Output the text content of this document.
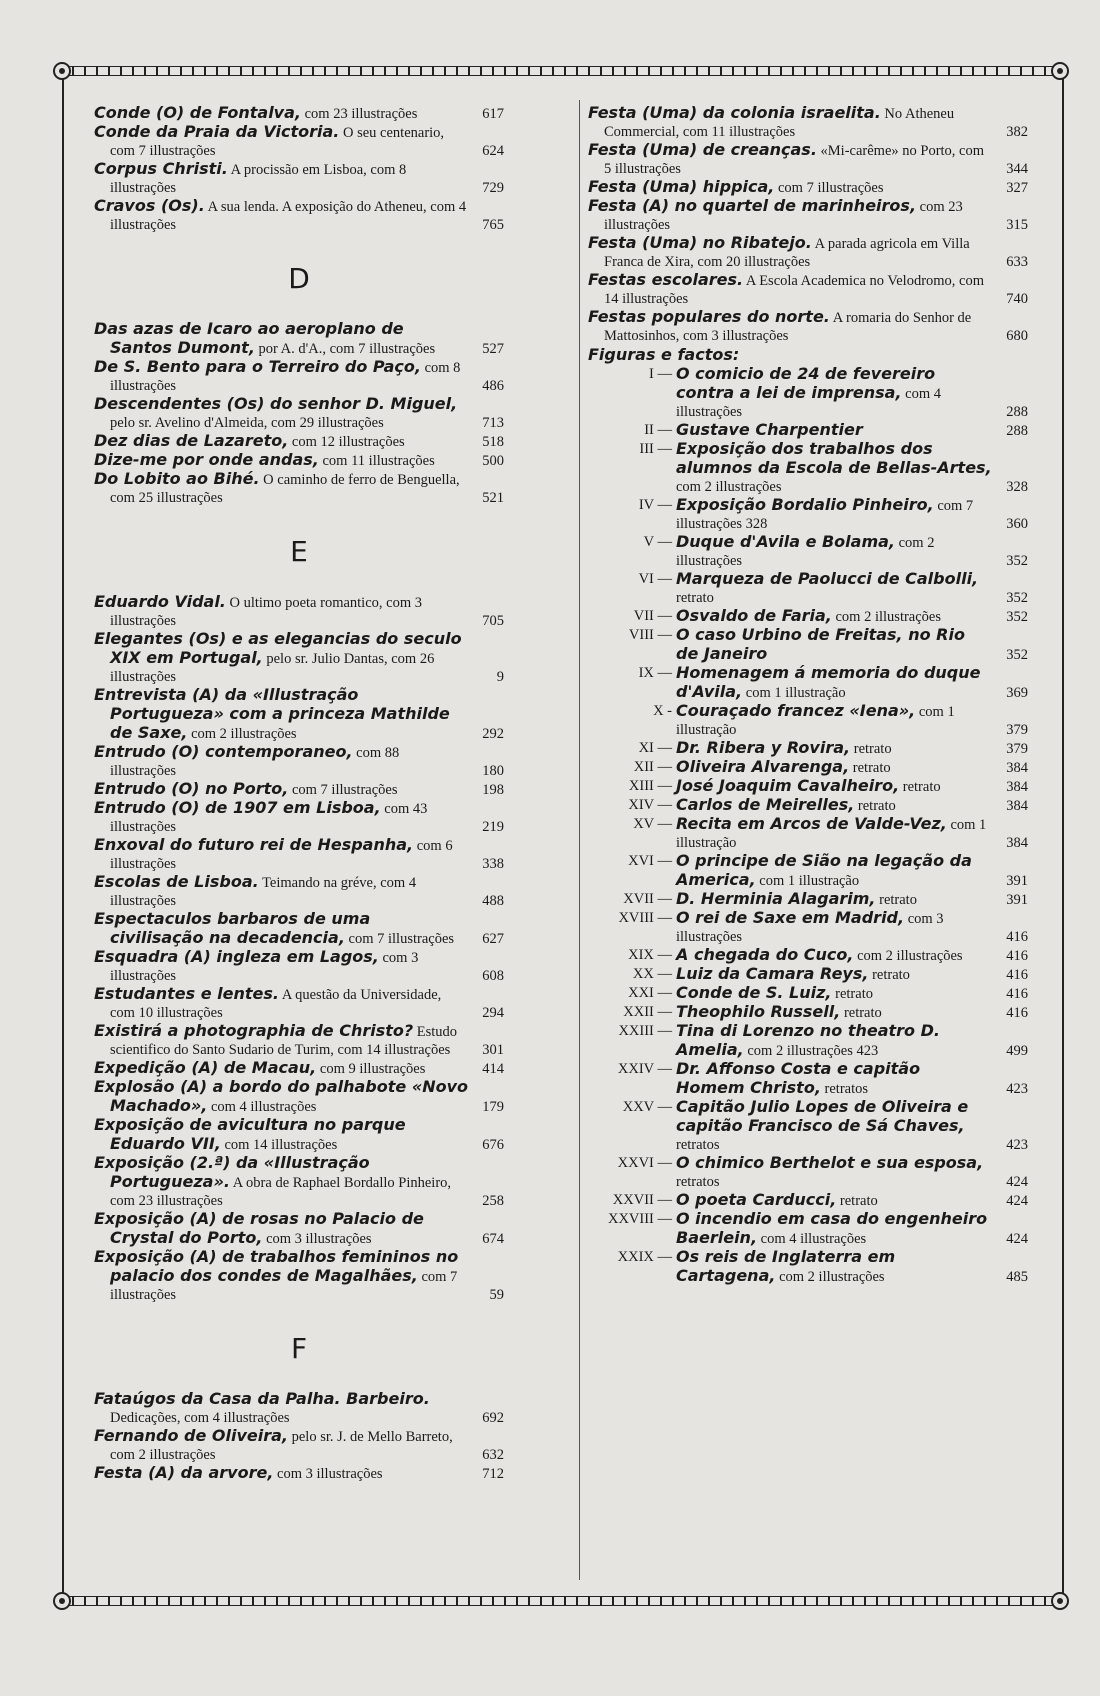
Conde (O) de Fontalva, com 23 illustrações	617
Conde da Praia da Victoria. O seu centenario, com 7 illustrações	624
Corpus Christi. A procissão em Lisboa, com 8 illustrações	729
Cravos (Os). A sua lenda. A exposição do Atheneu, com 4 illustrações	765
D
Das azas de Icaro ao aeroplano de Santos Dumont, por A. d'A., com 7 illustrações	527
De S. Bento para o Terreiro do Paço, com 8 illustrações	486
Descendentes (Os) do senhor D. Miguel, pelo sr. Avelino d'Almeida, com 29 illustrações	713
Dez dias de Lazareto, com 12 illustrações	518
Dize-me por onde andas, com 11 illustrações	500
Do Lobito ao Bihé. O caminho de ferro de Benguella, com 25 illustrações	521
E
Eduardo Vidal. O ultimo poeta romantico, com 3 illustrações	705
Elegantes (Os) e as elegancias do seculo XIX em Portugal, pelo sr. Julio Dantas, com 26 illustrações	9
Entrevista (A) da «Illustração Portugueza» com a princeza Mathilde de Saxe, com 2 illustrações	292
Entrudo (O) contemporaneo, com 88 illustrações	180
Entrudo (O) no Porto, com 7 illustrações	198
Entrudo (O) de 1907 em Lisboa, com 43 illustrações	219
Enxoval do futuro rei de Hespanha, com 6 illustrações	338
Escolas de Lisboa. Teimando na gréve, com 4 illustrações	488
Espectaculos barbaros de uma civilisação na decadencia, com 7 illustrações	627
Esquadra (A) ingleza em Lagos, com 3 illustrações	608
Estudantes e lentes. A questão da Universidade, com 10 illustrações	294
Existirá a photographia de Christo? Estudo scientifico do Santo Sudario de Turim, com 14 illustrações	301
Expedição (A) de Macau, com 9 illustrações	414
Explosão (A) a bordo do palhabote «Novo Machado», com 4 illustrações	179
Exposição de avicultura no parque Eduardo VII, com 14 illustrações	676
Exposição (2.ª) da «Illustração Portugueza». A obra de Raphael Bordallo Pinheiro, com 23 illustrações	258
Exposição (A) de rosas no Palacio de Crystal do Porto, com 3 illustrações	674
Exposição (A) de trabalhos femininos no palacio dos condes de Magalhães, com 7 illustrações	59
F
Fataúgos da Casa da Palha. Barbeiro. Dedicações, com 4 illustrações	692
Fernando de Oliveira, pelo sr. J. de Mello Barreto, com 2 illustrações	632
Festa (A) da arvore, com 3 illustrações	712
Festa (Uma) da colonia israelita. No Atheneu Commercial, com 11 illustrações	382
Festa (Uma) de creanças. «Mi-carême» no Porto, com 5 illustrações	344
Festa (Uma) hippica, com 7 illustrações	327
Festa (A) no quartel de marinheiros, com 23 illustrações	315
Festa (Uma) no Ribatejo. A parada agricola em Villa Franca de Xira, com 20 illustrações	633
Festas escolares. A Escola Academica no Velodromo, com 14 illustrações	740
Festas populares do norte. A romaria do Senhor de Mattosinhos, com 3 illustrações	680
Figuras e factos:
I — O comicio de 24 de fevereiro contra a lei de imprensa, com 4 illustrações	288
II — Gustave Charpentier	288
III — Exposição dos trabalhos dos alumnos da Escola de Bellas-Artes, com 2 illustrações	328
IV — Exposição Bordalio Pinheiro, com 7 illustrações 328	360
V — Duque d'Avila e Bolama, com 2 illustrações	352
VI — Marqueza de Paolucci de Calbolli, retrato	352
VII — Osvaldo de Faria, com 2 illustrações	352
VIII — O caso Urbino de Freitas, no Rio de Janeiro	352
IX — Homenagem á memoria do duque d'Avila, com 1 illustração	369
X - Couraçado francez «Iena», com 1 illustração	379
XI — Dr. Ribera y Rovira, retrato	379
XII — Oliveira Alvarenga, retrato	384
XIII — José Joaquim Cavalheiro, retrato	384
XIV — Carlos de Meirelles, retrato	384
XV — Recita em Arcos de Valde-Vez, com 1 illustração	384
XVI — O principe de Sião na legação da America, com 1 illustração	391
XVII — D. Herminia Alagarim, retrato	391
XVIII — O rei de Saxe em Madrid, com 3 illustrações	416
XIX — A chegada do Cuco, com 2 illustrações	416
XX — Luiz da Camara Reys, retrato	416
XXI — Conde de S. Luiz, retrato	416
XXII — Theophilo Russell, retrato	416
XXIII — Tina di Lorenzo no theatro D. Amelia, com 2 illustrações 423	499
XXIV — Dr. Affonso Costa e capitão Homem Christo, retratos	423
XXV — Capitão Julio Lopes de Oliveira e capitão Francisco de Sá Chaves, retratos	423
XXVI — O chimico Berthelot e sua esposa, retratos	424
XXVII — O poeta Carducci, retrato	424
XXVIII — O incendio em casa do engenheiro Baerlein, com 4 illustrações	424
XXIX — Os reis de Inglaterra em Cartagena, com 2 illustrações	485
